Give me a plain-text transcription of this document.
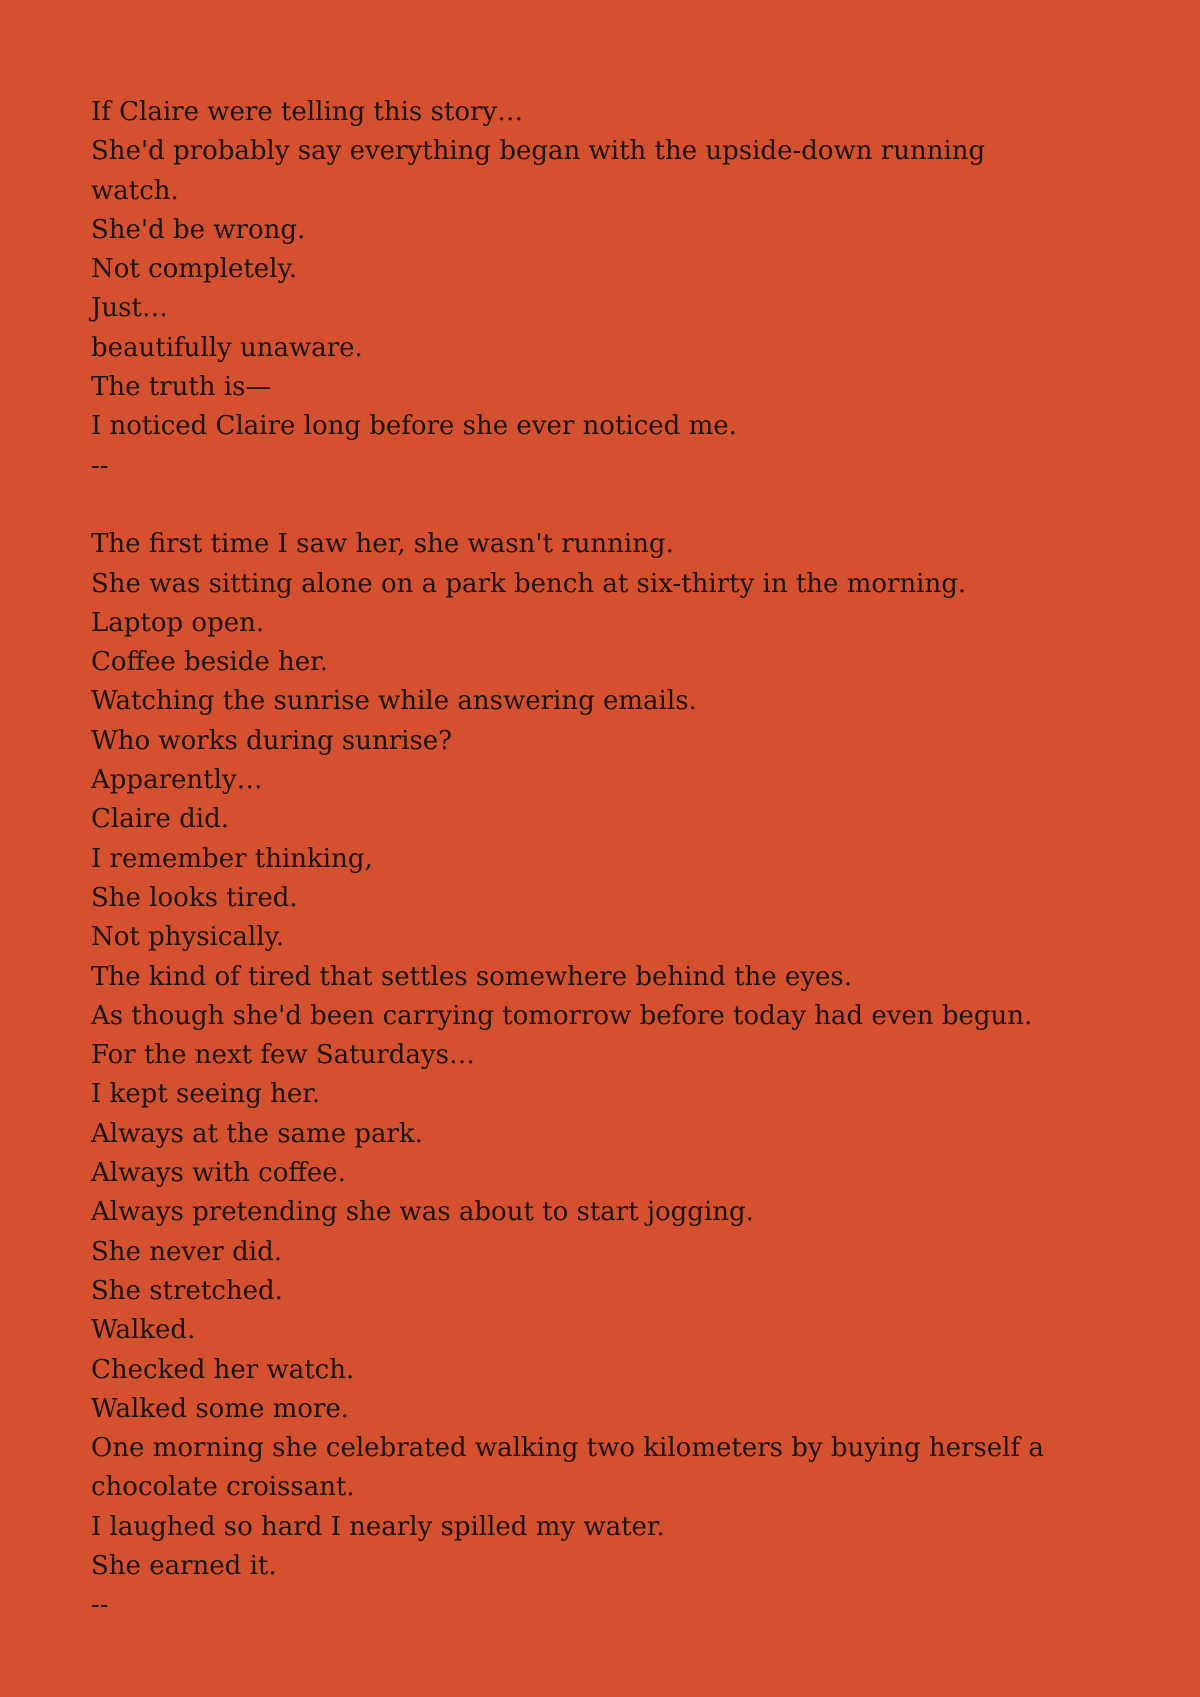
If Claire were telling this story…

She'd probably say everything began with the upside-down running

watch.

She'd be wrong.

Not completely.

Just…

beautifully unaware.

The truth is—

I noticed Claire long before she ever noticed me.

--

The first time I saw her, she wasn't running.

She was sitting alone on a park bench at six-thirty in the morning.

Laptop open.

Coffee beside her.

Watching the sunrise while answering emails.

Who works during sunrise?

Apparently…

Claire did.

I remember thinking,

She looks tired.

Not physically.

The kind of tired that settles somewhere behind the eyes.

As though she'd been carrying tomorrow before today had even begun.

For the next few Saturdays…

I kept seeing her.

Always at the same park.

Always with coffee.

Always pretending she was about to start jogging.

She never did.

She stretched.

Walked.

Checked her watch.

Walked some more.

One morning she celebrated walking two kilometers by buying herself a

chocolate croissant.

I laughed so hard I nearly spilled my water.

She earned it.

--
